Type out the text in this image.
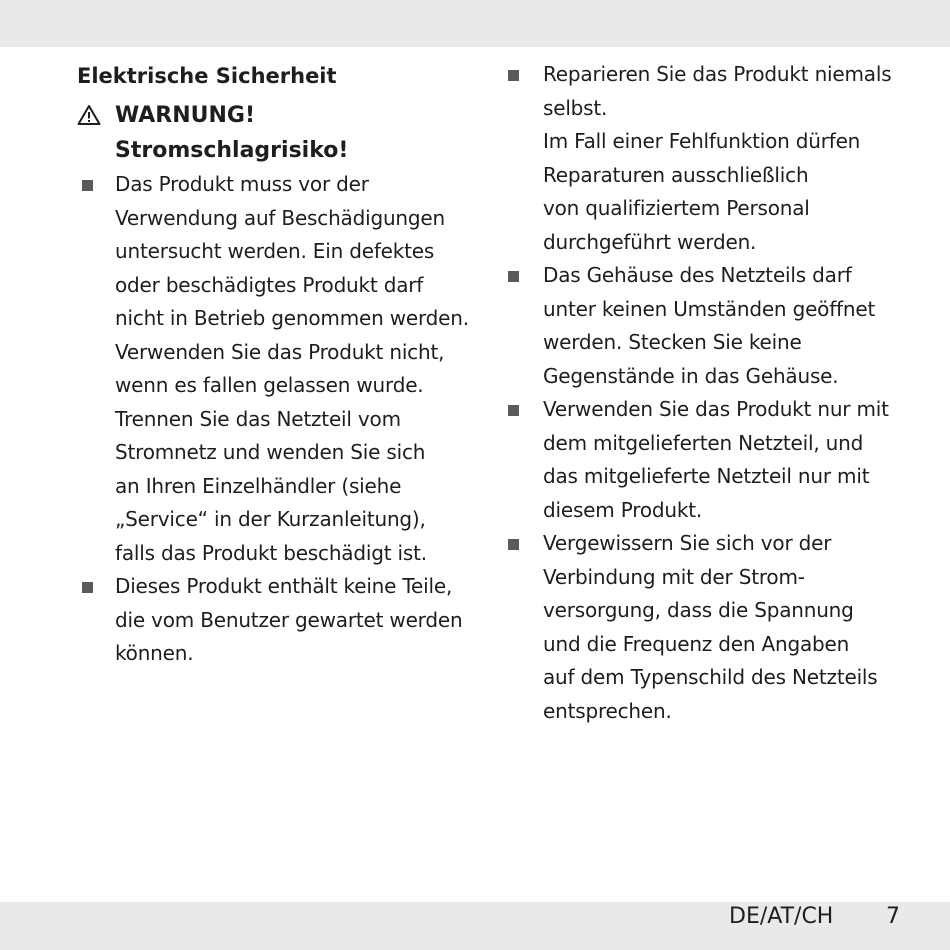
Elektrische Sicherheit
WARNUNG!
Stromschlagrisiko!
Das Produkt muss vor der
Verwendung auf Beschädigungen
untersucht werden. Ein defektes
oder beschädigtes Produkt darf
nicht in Betrieb genommen werden.
Verwenden Sie das Produkt nicht,
wenn es fallen gelassen wurde.
Trennen Sie das Netzteil vom
Stromnetz und wenden Sie sich
an Ihren Einzelhändler (siehe
„Service“ in der Kurzanleitung),
falls das Produkt beschädigt ist.
Dieses Produkt enthält keine Teile,
die vom Benutzer gewartet werden
können.
Reparieren Sie das Produkt niemals
selbst.
Im Fall einer Fehlfunktion dürfen
Reparaturen ausschließlich
von qualifiziertem Personal
durchgeführt werden.
Das Gehäuse des Netzteils darf
unter keinen Umständen geöffnet
werden. Stecken Sie keine
Gegenstände in das Gehäuse.
Verwenden Sie das Produkt nur mit
dem mitgelieferten Netzteil, und
das mitgelieferte Netzteil nur mit
diesem Produkt.
Vergewissern Sie sich vor der
Verbindung mit der Strom-
versorgung, dass die Spannung
und die Frequenz den Angaben
auf dem Typenschild des Netzteils
entsprechen.
DE/AT/CH 7
